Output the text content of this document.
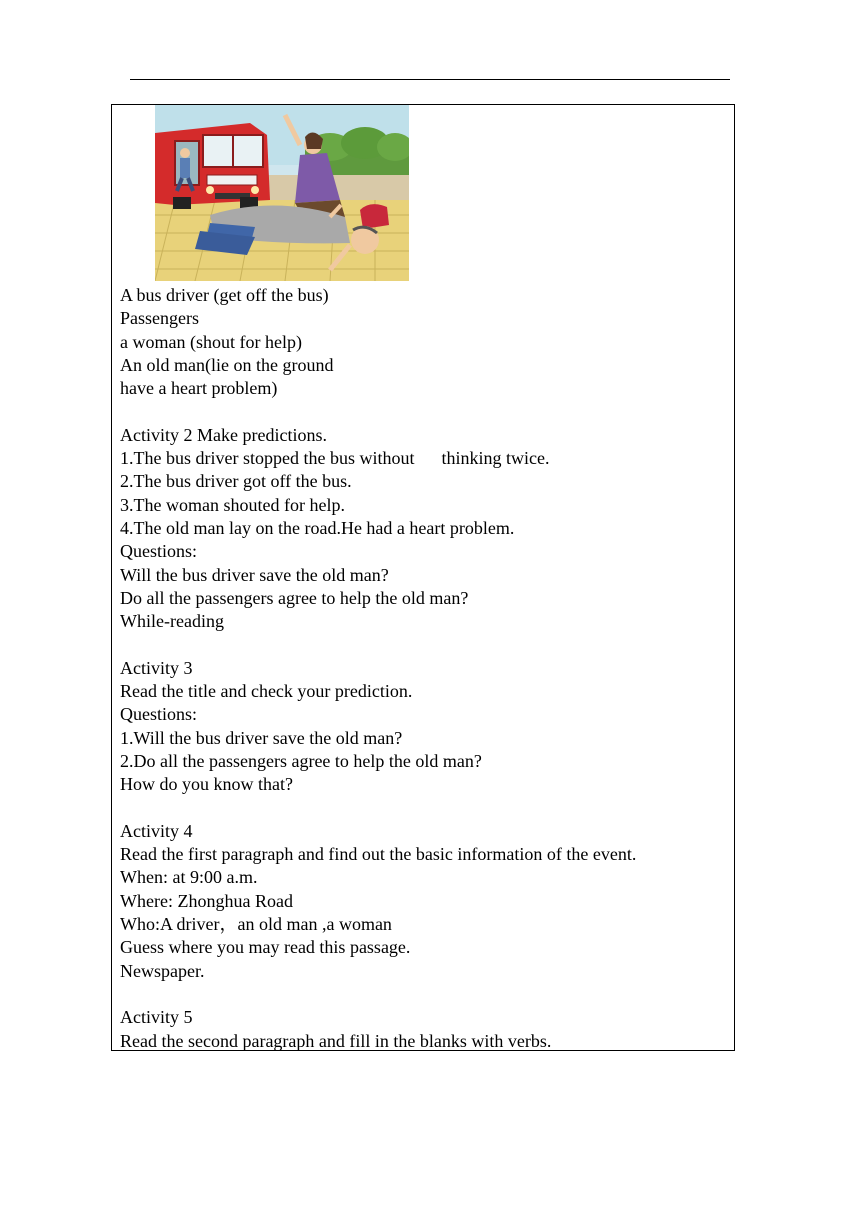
A bus driver (get off the bus)
Passengers
a woman (shout for help)
An old man(lie on the ground
have a heart problem)
Activity 2 Make predictions.
1.The bus driver stopped the bus without      thinking twice.
2.The bus driver got off the bus.
3.The woman shouted for help.
4.The old man lay on the road.He had a heart problem.
Questions:
Will the bus driver save the old man?
Do all the passengers agree to help the old man?
While-reading
Activity 3
Read the title and check your prediction.
Questions:
1.Will the bus driver save the old man?
2.Do all the passengers agree to help the old man?
How do you know that?
Activity 4
Read the first paragraph and find out the basic information of the event.
When: at 9:00 a.m.
Where: Zhonghua Road
Who:A driver，an old man ,a woman
Guess where you may read this passage.
Newspaper.
Activity 5
Read the second paragraph and fill in the blanks with verbs.
